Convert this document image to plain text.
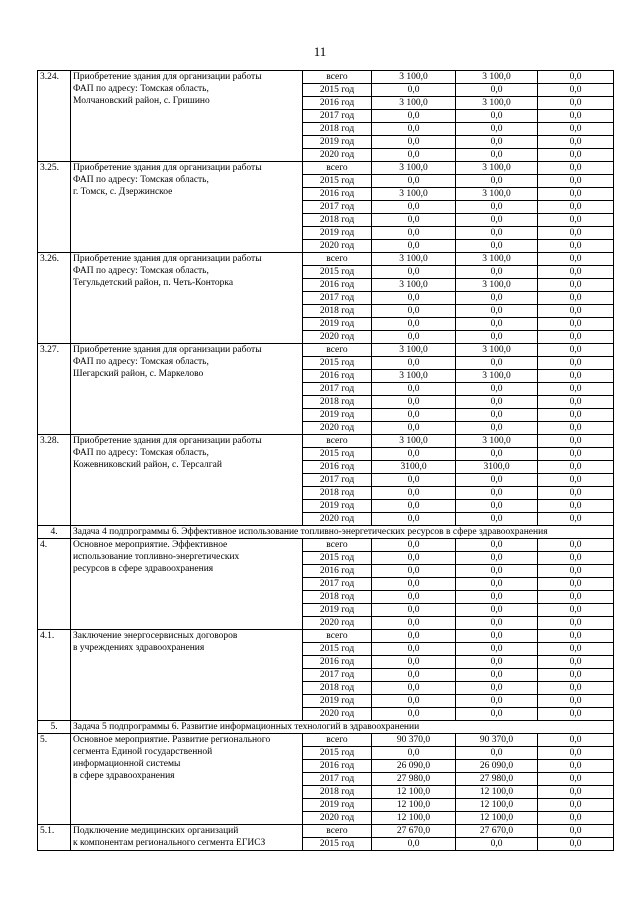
11
3.24.	Приобретение здания для организации работы
ФАП по адресу: Томская область,
Молчановский район, с. Гришино	всего	3 100,0	3 100,0	0,0
		2015 год	0,0	0,0	0,0
		2016 год	3 100,0	3 100,0	0,0
		2017 год	0,0	0,0	0,0
		2018 год	0,0	0,0	0,0
		2019 год	0,0	0,0	0,0
		2020 год	0,0	0,0	0,0
3.25.	Приобретение здания для организации работы
ФАП по адресу: Томская область,
г. Томск, с. Дзержинское	всего	3 100,0	3 100,0	0,0
		2015 год	0,0	0,0	0,0
		2016 год	3 100,0	3 100,0	0,0
		2017 год	0,0	0,0	0,0
		2018 год	0,0	0,0	0,0
		2019 год	0,0	0,0	0,0
		2020 год	0,0	0,0	0,0
3.26.	Приобретение здания для организации работы
ФАП по адресу: Томская область,
Тегульдетский район, п. Четь-Конторка	всего	3 100,0	3 100,0	0,0
		2015 год	0,0	0,0	0,0
		2016 год	3 100,0	3 100,0	0,0
		2017 год	0,0	0,0	0,0
		2018 год	0,0	0,0	0,0
		2019 год	0,0	0,0	0,0
		2020 год	0,0	0,0	0,0
3.27.	Приобретение здания для организации работы
ФАП по адресу: Томская область,
Шегарский район, с. Маркелово	всего	3 100,0	3 100,0	0,0
		2015 год	0,0	0,0	0,0
		2016 год	3 100,0	3 100,0	0,0
		2017 год	0,0	0,0	0,0
		2018 год	0,0	0,0	0,0
		2019 год	0,0	0,0	0,0
		2020 год	0,0	0,0	0,0
3.28.	Приобретение здания для организации работы
ФАП по адресу: Томская область,
Кожевниковский район, с. Терсалгай	всего	3 100,0	3 100,0	0,0
		2015 год	0,0	0,0	0,0
		2016 год	3100,0	3100,0	0,0
		2017 год	0,0	0,0	0,0
		2018 год	0,0	0,0	0,0
		2019 год	0,0	0,0	0,0
		2020 год	0,0	0,0	0,0
4.	Задача 4 подпрограммы 6. Эффективное использование топливно-энергетических ресурсов в сфере здравоохранения				
4.	Основное мероприятие. Эффективное
использование топливно-энергетических
ресурсов в сфере здравоохранения	всего	0,0	0,0	0,0
		2015 год	0,0	0,0	0,0
		2016 год	0,0	0,0	0,0
		2017 год	0,0	0,0	0,0
		2018 год	0,0	0,0	0,0
		2019 год	0,0	0,0	0,0
		2020 год	0,0	0,0	0,0
4.1.	Заключение энергосервисных договоров
в учреждениях здравоохранения	всего	0,0	0,0	0,0
		2015 год	0,0	0,0	0,0
		2016 год	0,0	0,0	0,0
		2017 год	0,0	0,0	0,0
		2018 год	0,0	0,0	0,0
		2019 год	0,0	0,0	0,0
		2020 год	0,0	0,0	0,0
5.	Задача 5 подпрограммы 6. Развитие информационных технологий в здравоохранении				
5.	Основное мероприятие. Развитие регионального
сегмента Единой государственной
информационной системы
в сфере здравоохранения	всего	90 370,0	90 370,0	0,0
		2015 год	0,0	0,0	0,0
		2016 год	26 090,0	26 090,0	0,0
		2017 год	27 980,0	27 980,0	0,0
		2018 год	12 100,0	12 100,0	0,0
		2019 год	12 100,0	12 100,0	0,0
		2020 год	12 100,0	12 100,0	0,0
5.1.	Подключение медицинских организаций
к компонентам регионального сегмента ЕГИСЗ	всего	27 670,0	27 670,0	0,0
		2015 год	0,0	0,0	0,0
